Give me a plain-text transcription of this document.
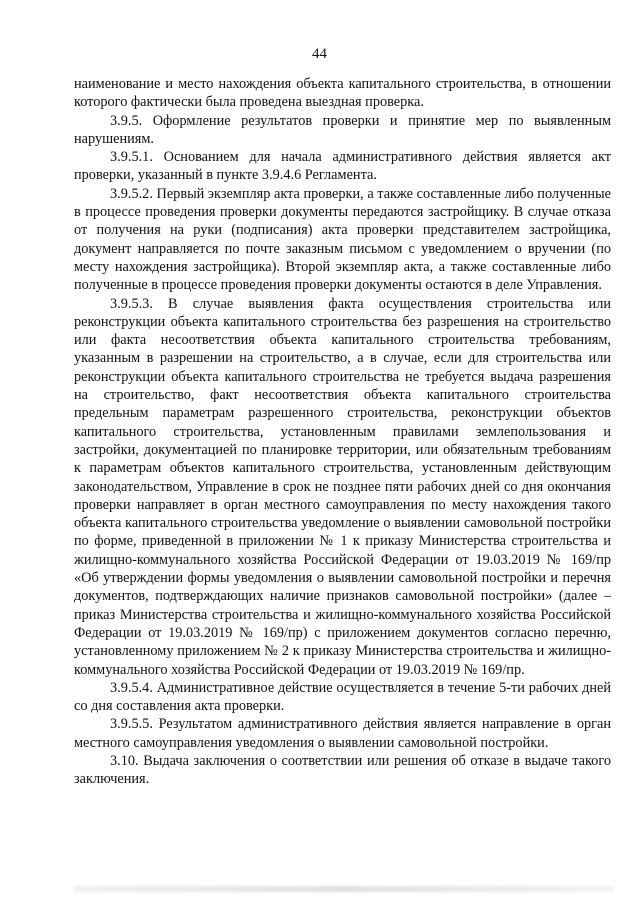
44

наименование и место нахождения объекта капитального строительства, в отношении которого фактически была проведена выездная проверка.

3.9.5. Оформление результатов проверки и принятие мер по выявленным нарушениям.

3.9.5.1. Основанием для начала административного действия является акт проверки, указанный в пункте 3.9.4.6 Регламента.

3.9.5.2. Первый экземпляр акта проверки, а также составленные либо полученные в процессе проведения проверки документы передаются застройщику. В случае отказа от получения на руки (подписания) акта проверки представителем застройщика, документ направляется по почте заказным письмом с уведомлением о вручении (по месту нахождения застройщика). Второй экземпляр акта, а также составленные либо полученные в процессе проведения проверки документы остаются в деле Управления.

3.9.5.3. В случае выявления факта осуществления строительства или реконструкции объекта капитального строительства без разрешения на строительство или факта несоответствия объекта капитального строительства требованиям, указанным в разрешении на строительство, а в случае, если для строительства или реконструкции объекта капитального строительства не требуется выдача разрешения на строительство, факт несоответствия объекта капитального строительства предельным параметрам разрешенного строительства, реконструкции объектов капитального строительства, установленным правилами землепользования и застройки, документацией по планировке территории, или обязательным требованиям к параметрам объектов капитального строительства, установленным действующим законодательством, Управление в срок не позднее пяти рабочих дней со дня окончания проверки направляет в орган местного самоуправления по месту нахождения такого объекта капитального строительства уведомление о выявлении самовольной постройки по форме, приведенной в приложении № 1 к приказу Министерства строительства и жилищно-коммунального хозяйства Российской Федерации от 19.03.2019 № 169/пр «Об утверждении формы уведомления о выявлении самовольной постройки и перечня документов, подтверждающих наличие признаков самовольной постройки» (далее – приказ Министерства строительства и жилищно-коммунального хозяйства Российской Федерации от 19.03.2019 № 169/пр) с приложением документов согласно перечню, установленному приложением № 2 к приказу Министерства строительства и жилищно-коммунального хозяйства Российской Федерации от 19.03.2019 № 169/пр.

3.9.5.4. Административное действие осуществляется в течение 5-ти рабочих дней со дня составления акта проверки.

3.9.5.5. Результатом административного действия является направление в орган местного самоуправления уведомления о выявлении самовольной постройки.

3.10. Выдача заключения о соответствии или решения об отказе в выдаче такого заключения.
